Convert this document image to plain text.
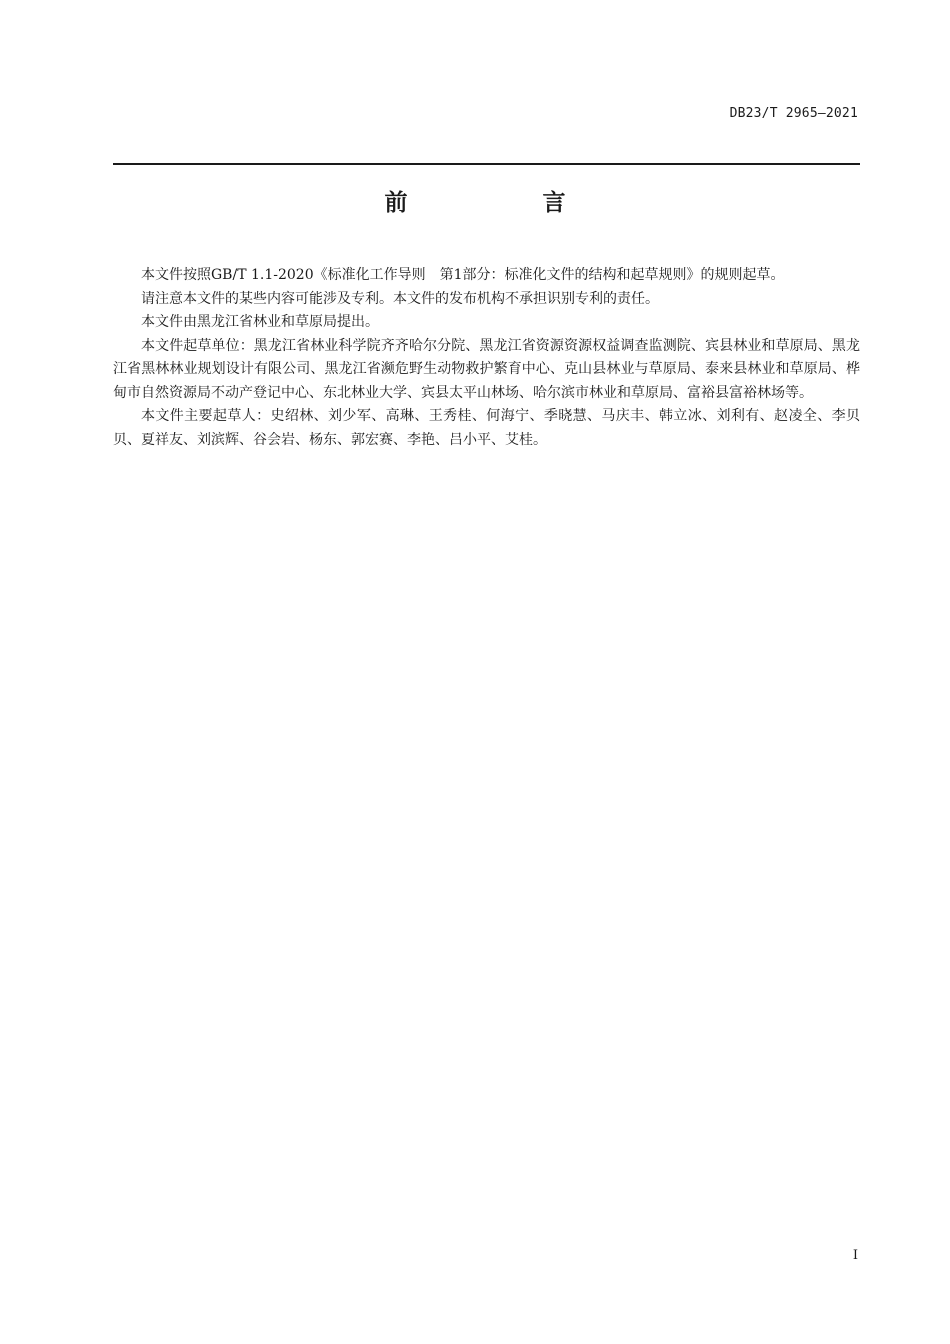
DB23/T 2965—2021
前　言

本文件按照GB/T 1.1-2020《标准化工作导则　第1部分：标准化文件的结构和起草规则》的规则起草。

请注意本文件的某些内容可能涉及专利。本文件的发布机构不承担识别专利的责任。

本文件由黑龙江省林业和草原局提出。

本文件起草单位：黑龙江省林业科学院齐齐哈尔分院、黑龙江省资源资源权益调查监测院、宾县林业和草原局、黑龙江省黑林林业规划设计有限公司、黑龙江省濒危野生动物救护繁育中心、克山县林业与草原局、泰来县林业和草原局、桦甸市自然资源局不动产登记中心、东北林业大学、宾县太平山林场、哈尔滨市林业和草原局、富裕县富裕林场等。

本文件主要起草人：史绍林、刘少军、高琳、王秀桂、何海宁、季晓慧、马庆丰、韩立冰、刘利有、赵凌全、李贝贝、夏祥友、刘滨辉、谷会岩、杨东、郭宏赛、李艳、吕小平、艾桂。

I
